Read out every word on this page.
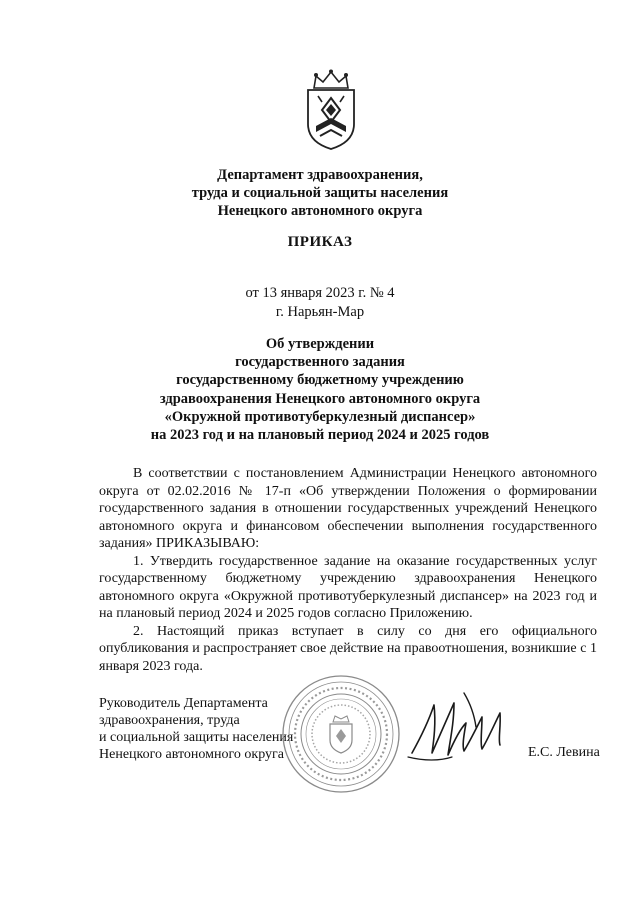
Департамент здравоохранения,
труда и социальной защиты населения
Ненецкого автономного округа
ПРИКАЗ
от 13 января 2023 г. № 4
г. Нарьян-Мар
Об утверждении
государственного задания
государственному бюджетному учреждению
здравоохранения Ненецкого автономного округа
«Окружной противотуберкулезный диспансер»
на 2023 год и на плановый период 2024 и 2025 годов

В соответствии с постановлением Администрации Ненецкого автономного округа от 02.02.2016 № 17-п «Об утверждении Положения о формировании государственного задания в отношении государственных учреждений Ненецкого автономного округа и финансовом обеспечении выполнения государственного задания» ПРИКАЗЫВАЮ:

1. Утвердить государственное задание на оказание государственных услуг государственному бюджетному учреждению здравоохранения Ненецкого автономного округа «Окружной противотуберкулезный диспансер» на 2023 год и на плановый период 2024 и 2025 годов согласно Приложению.

2. Настоящий приказ вступает в силу со дня его официального опубликования и распространяет свое действие на правоотношения, возникшие с 1 января 2023 года.

Руководитель Департамента
здравоохранения, труда
и социальной защиты населения
Ненецкого автономного округа	Е.С. Левина
